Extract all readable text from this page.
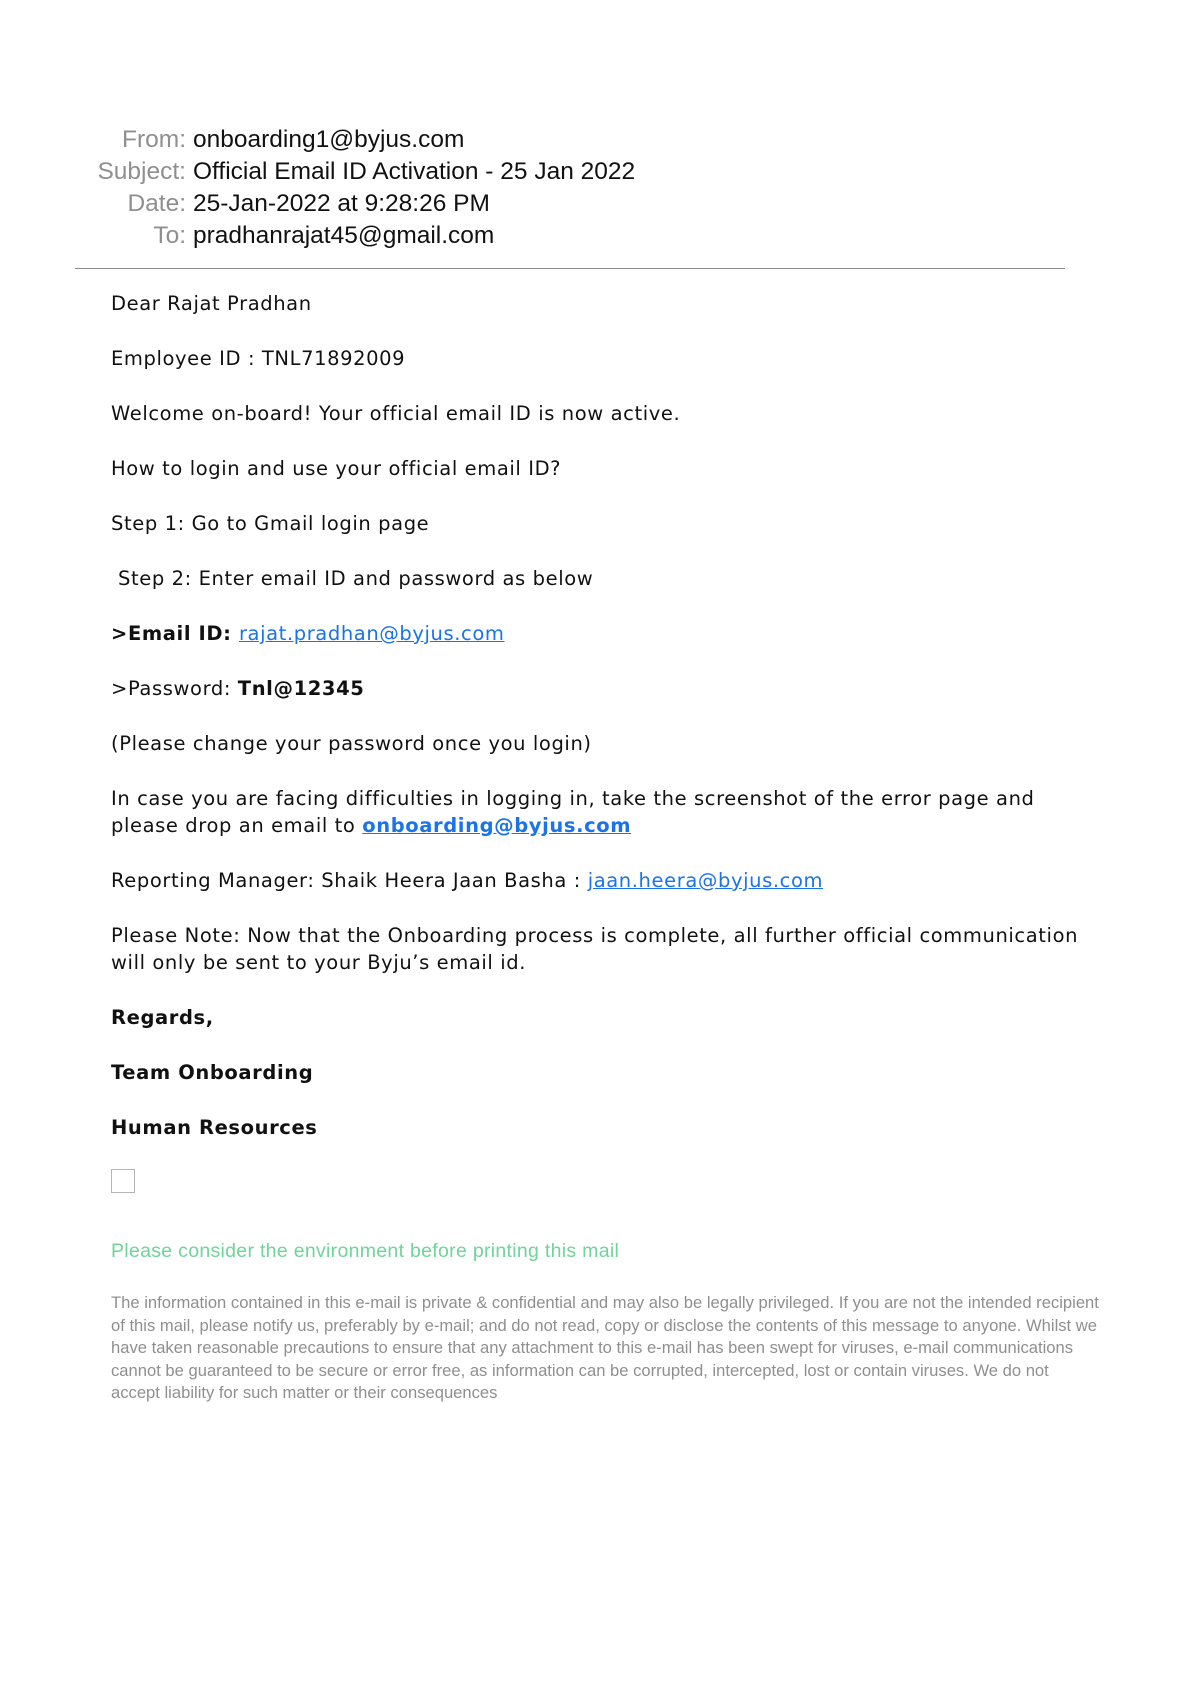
From: onboarding1@byjus.com
Subject: Official Email ID Activation - 25 Jan 2022
Date: 25-Jan-2022 at 9:28:26 PM
To: pradhanrajat45@gmail.com

Dear Rajat Pradhan

Employee ID : TNL71892009

Welcome on-board! Your official email ID is now active.

How to login and use your official email ID?

Step 1: Go to Gmail login page

Step 2: Enter email ID and password as below

>Email ID: rajat.pradhan@byjus.com

>Password: Tnl@12345

(Please change your password once you login)

In case you are facing difficulties in logging in, take the screenshot of the error page and please drop an email to onboarding@byjus.com

Reporting Manager: Shaik Heera Jaan Basha : jaan.heera@byjus.com

Please Note: Now that the Onboarding process is complete, all further official communication will only be sent to your Byju’s email id.

Regards,

Team Onboarding

Human Resources

Please consider the environment before printing this mail
The information contained in this e-mail is private & confidential and may also be legally privileged. If you are not the intended recipient of this mail, please notify us, preferably by e-mail; and do not read, copy or disclose the contents of this message to anyone. Whilst we have taken reasonable precautions to ensure that any attachment to this e-mail has been swept for viruses, e-mail communications cannot be guaranteed to be secure or error free, as information can be corrupted, intercepted, lost or contain viruses. We do not accept liability for such matter or their consequences
